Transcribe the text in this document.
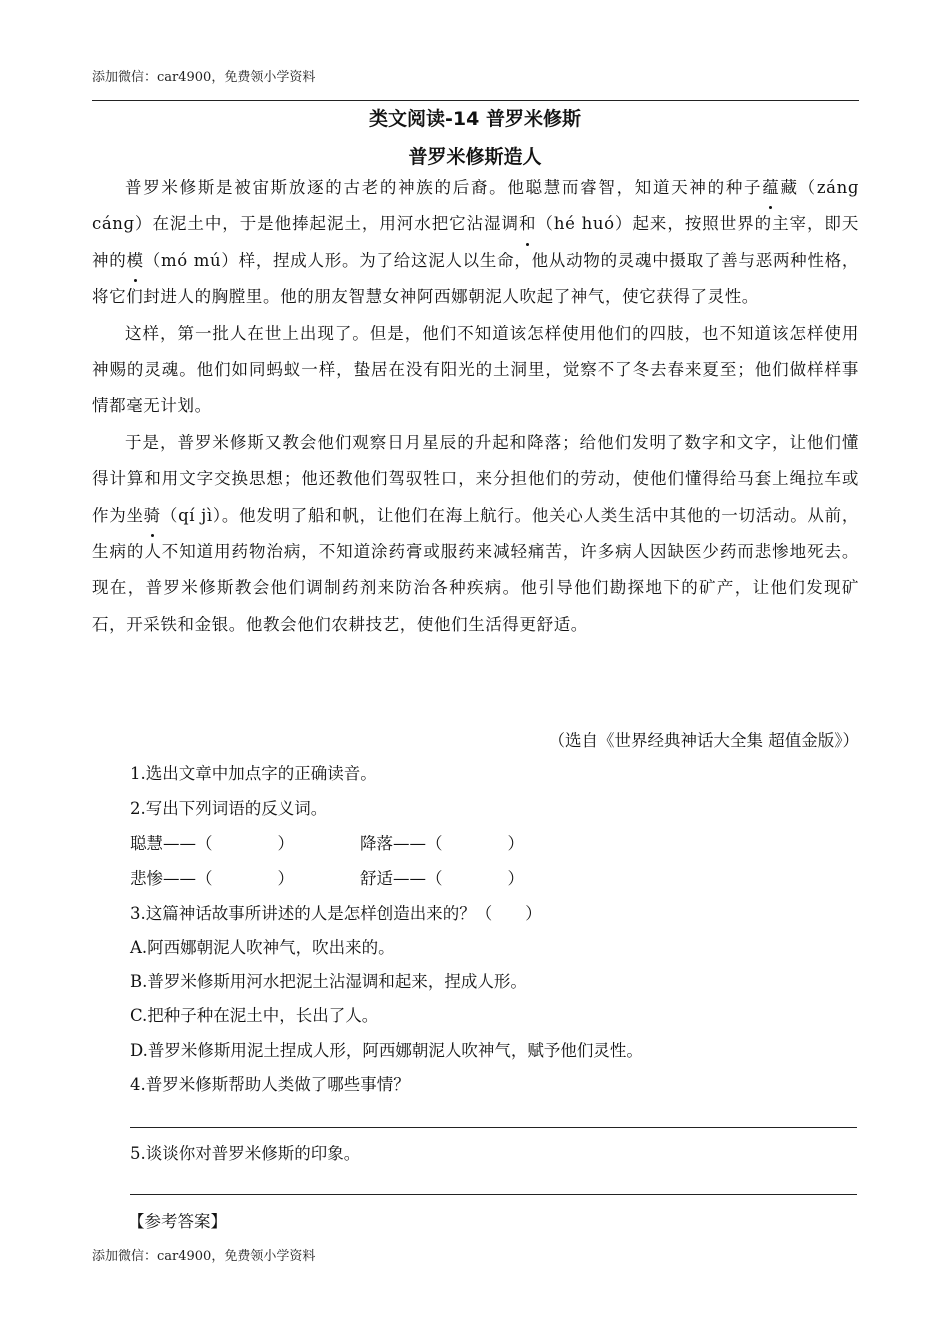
添加微信：car4900，免费领小学资料
类文阅读-14 普罗米修斯
普罗米修斯造人

普罗米修斯是被宙斯放逐的古老的神族的后裔。他聪慧而睿智，知道天神的种子蕴藏（zánɡ cánɡ）在泥土中，于是他捧起泥土，用河水把它沾湿调和（hé huó）起来，按照世界的主宰，即天神的模（mó mú）样，捏成人形。为了给这泥人以生命，他从动物的灵魂中摄取了善与恶两种性格，将它们封进人的胸膛里。他的朋友智慧女神阿西娜朝泥人吹起了神气，使它获得了灵性。

这样，第一批人在世上出现了。但是，他们不知道该怎样使用他们的四肢，也不知道该怎样使用神赐的灵魂。他们如同蚂蚁一样，蛰居在没有阳光的土洞里，觉察不了冬去春来夏至；他们做样样事情都毫无计划。

于是，普罗米修斯又教会他们观察日月星辰的升起和降落；给他们发明了数字和文字，让他们懂得计算和用文字交换思想；他还教他们驾驭牲口，来分担他们的劳动，使他们懂得给马套上绳拉车或作为坐骑（qí jì）。他发明了船和帆，让他们在海上航行。他关心人类生活中其他的一切活动。从前，生病的人不知道用药物治病，不知道涂药膏或服药来减轻痛苦，许多病人因缺医少药而悲惨地死去。现在，普罗米修斯教会他们调制药剂来防治各种疾病。他引导他们勘探地下的矿产，让他们发现矿石，开采铁和金银。他教会他们农耕技艺，使他们生活得更舒适。

（选自《世界经典神话大全集 超值金版》）
1.选出文章中加点字的正确读音。
2.写出下列词语的反义词。
聪慧——（	）	降落——（	）
悲惨——（	）	舒适——（	）
3.这篇神话故事所讲述的人是怎样创造出来的？（　　）
A.阿西娜朝泥人吹神气，吹出来的。
B.普罗米修斯用河水把泥土沾湿调和起来，捏成人形。
C.把种子种在泥土中，长出了人。
D.普罗米修斯用泥土捏成人形，阿西娜朝泥人吹神气，赋予他们灵性。
4.普罗米修斯帮助人类做了哪些事情？
5.谈谈你对普罗米修斯的印象。
【参考答案】
添加微信：car4900，免费领小学资料
